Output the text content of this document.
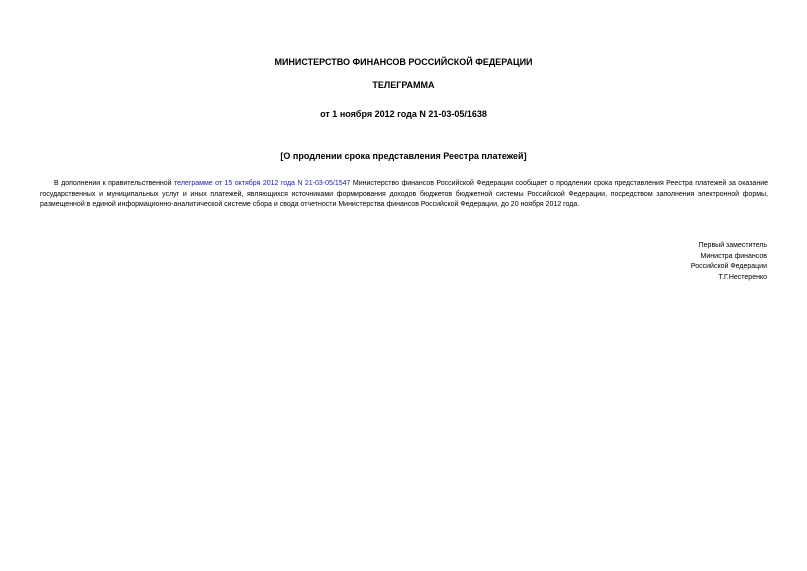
МИНИСТЕРСТВО ФИНАНСОВ РОССИЙСКОЙ ФЕДЕРАЦИИ
ТЕЛЕГРАММА
от 1 ноября 2012 года N 21-03-05/1638
[О продлении срока представления Реестра платежей]
В дополнении к правительственной телеграмме от 15 октября 2012 года N 21-03-05/1547 Министерство финансов Российской Федерации сообщает о продлении срока представления Реестра платежей за оказание государственных и муниципальных услуг и иных платежей, являющихся источниками формирования доходов бюджетов бюджетной системы Российской Федерации, посредством заполнения электронной формы, размещенной в единой информационно-аналитической системе сбора и свода отчетности Министерства финансов Российской Федерации, до 20 ноября 2012 года.
Первый заместитель
Министра финансов
Российской Федерации
Т.Г.Нестеренко
